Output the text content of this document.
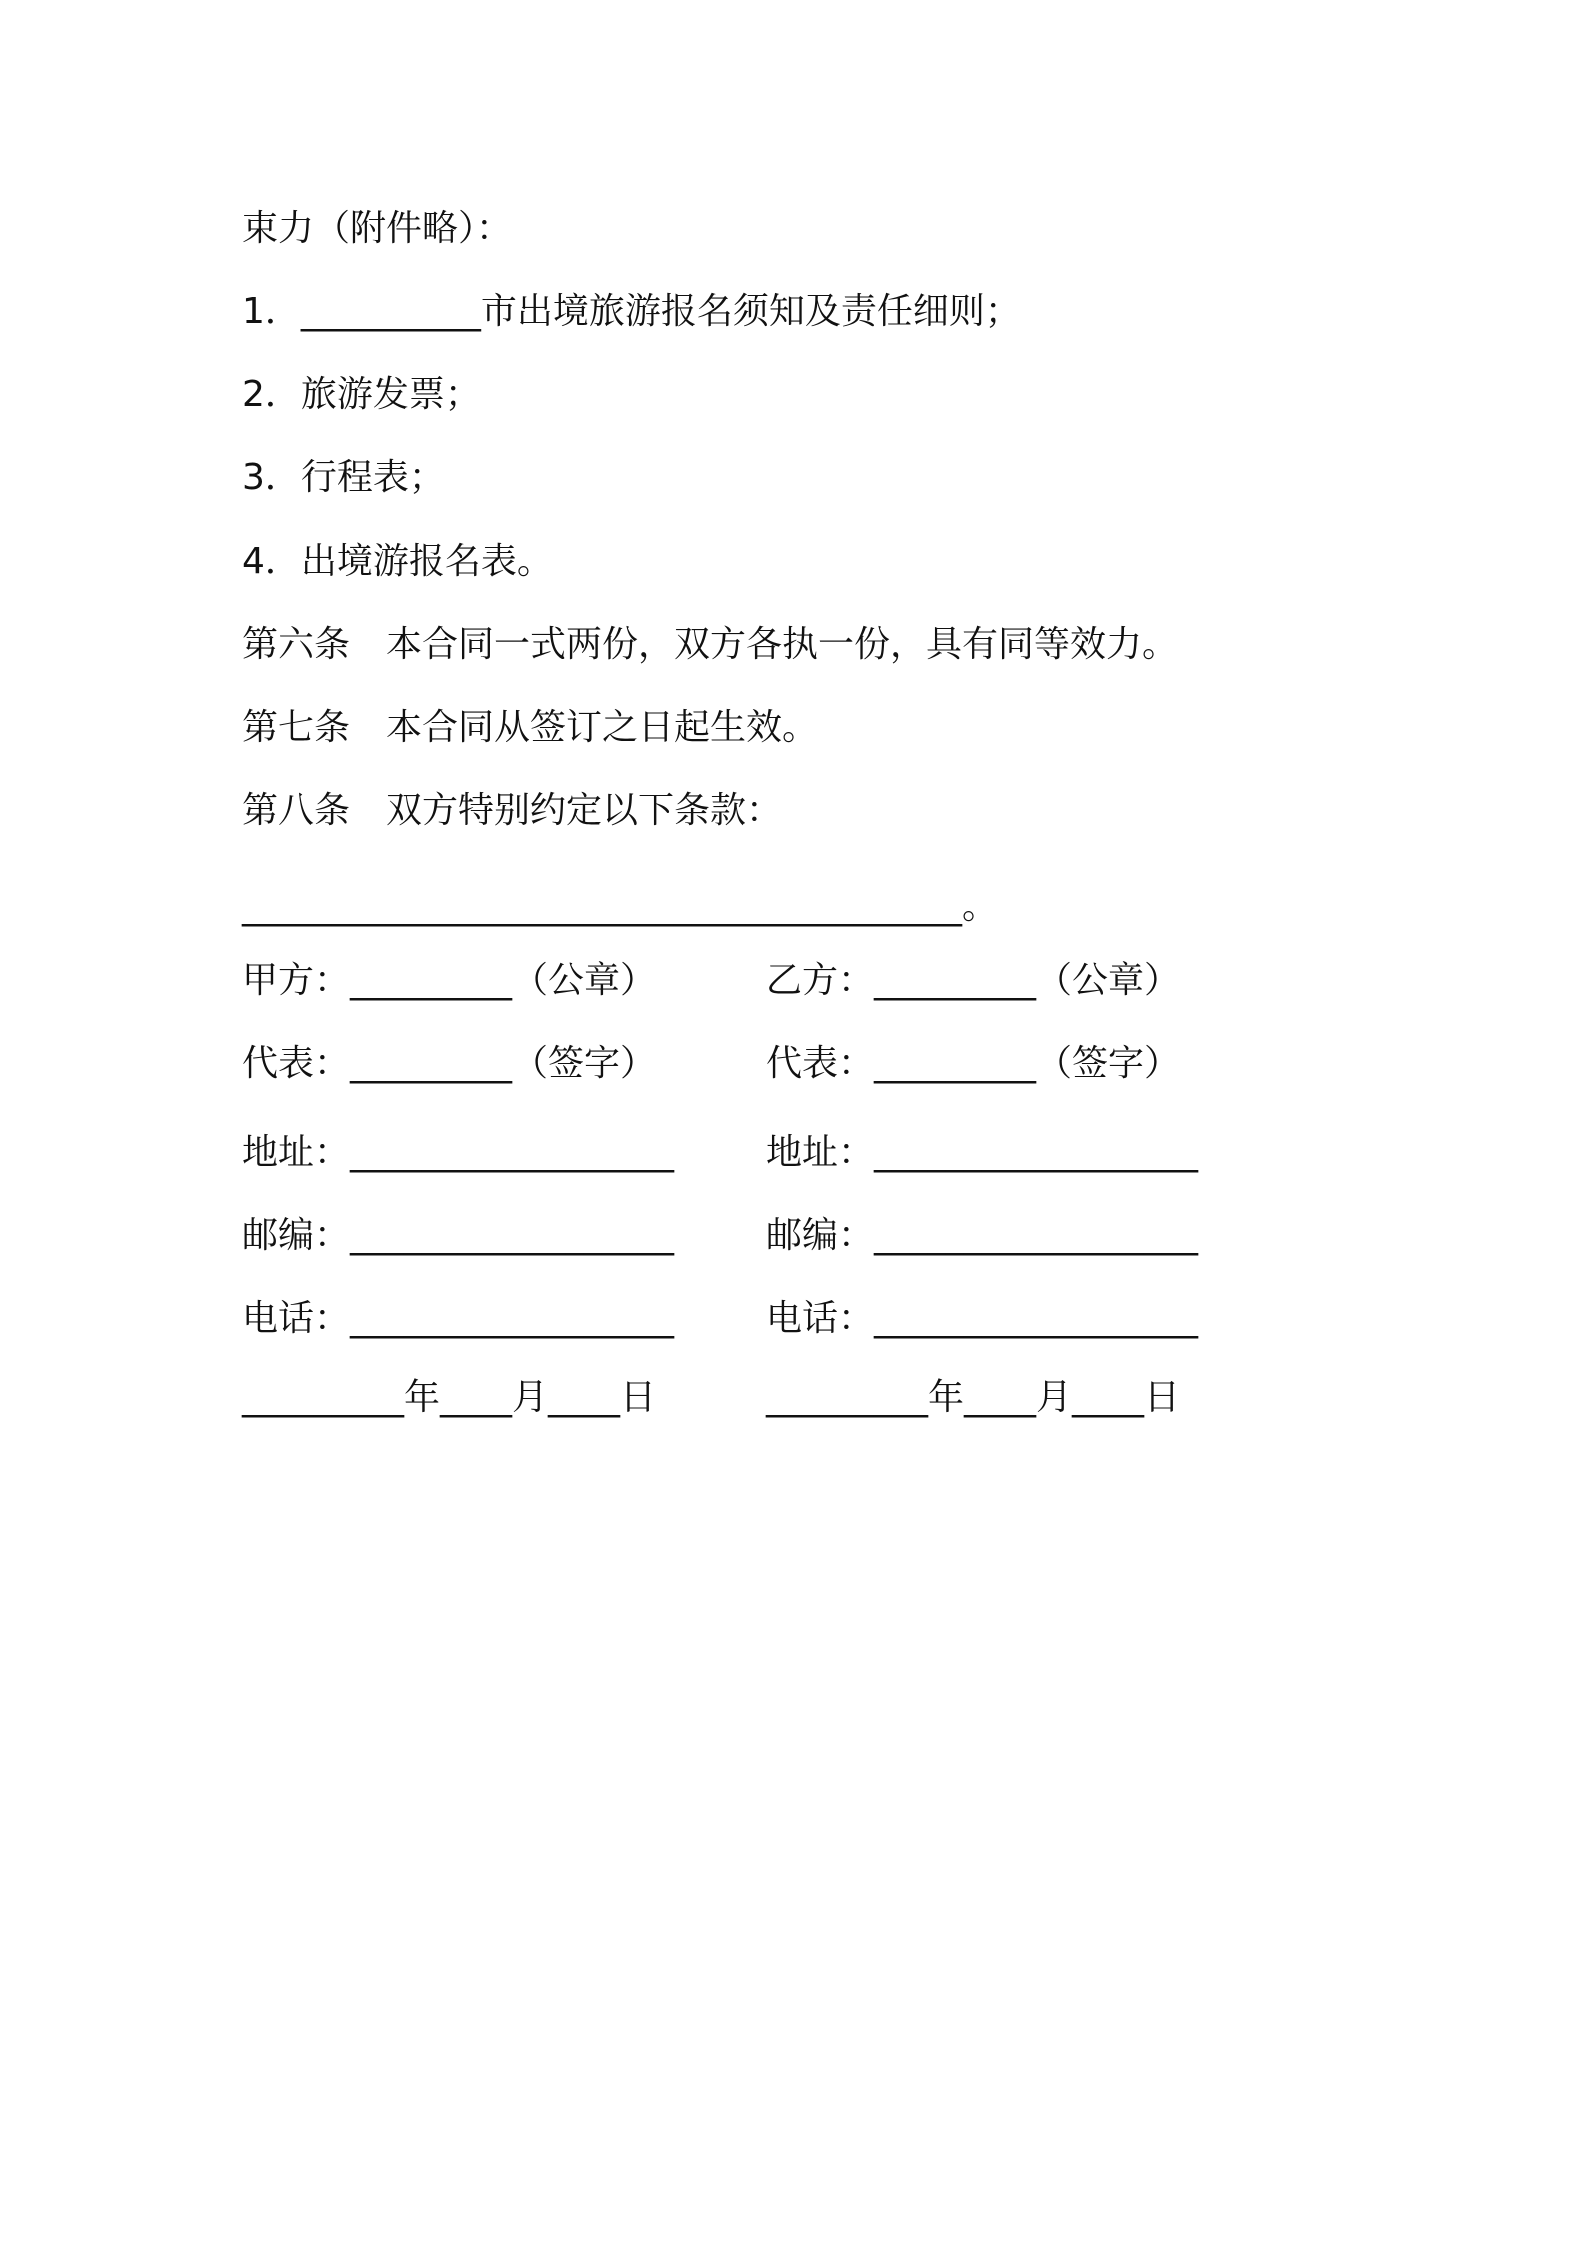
束力（附件略）：
1．__________市出境旅游报名须知及责任细则；
2．旅游发票；
3．行程表；
4．出境游报名表。
第六条　本合同一式两份，双方各执一份，具有同等效力。
第七条　本合同从签订之日起生效。
第八条　双方特别约定以下条款：
________________________________________。
甲方：_________（公章）	乙方：_________（公章）
代表：_________（签字）	代表：_________（签字）
地址：__________________	地址：__________________
邮编：__________________	邮编：__________________
电话：__________________	电话：__________________
_________年____月____日	_________年____月____日
